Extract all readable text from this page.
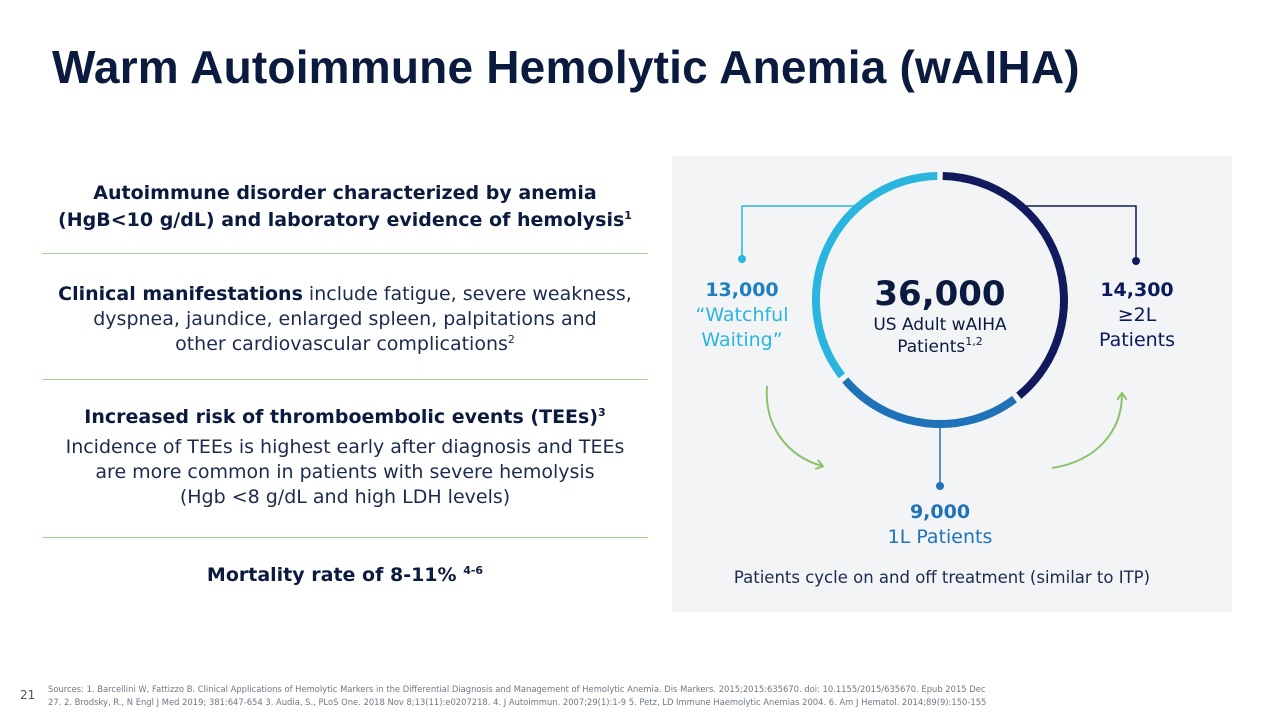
Warm Autoimmune Hemolytic Anemia (wAIHA)
Autoimmune disorder characterized by anemia
(HgB<10 g/dL) and laboratory evidence of hemolysis$^1$
Clinical manifestations include fatigue, severe weakness,
dyspnea, jaundice, enlarged spleen, palpitations and
other cardiovascular complications$^2$
Increased risk of thromboembolic events (TEEs)$^3$
Incidence of TEEs is highest early after diagnosis and TEEs
are more common in patients with severe hemolysis
(Hgb <8 g/dL and high LDH levels)
Mortality rate of 8-11% $^{4-6}$
36,000
US Adult wAIHA
Patients$^{1,2}$
13,000
“Watchful
Waiting”
14,300
≥2L
Patients
9,000
1L Patients
Patients cycle on and off treatment (similar to ITP)
21 Sources: 1. Barcellini W, Fattizzo B. Clinical Applications of Hemolytic Markers in the Differential Diagnosis and Management of Hemolytic Anemia. Dis Markers. 2015;2015:635670. doi: 10.1155/2015/635670. Epub 2015 Dec
27. 2. Brodsky, R., N Engl J Med 2019; 381:647-654 3. Audia, S., PLoS One. 2018 Nov 8;13(11):e0207218. 4. J Autoimmun. 2007;29(1):1-9 5. Petz, LD Immune Haemolytic Anemias 2004. 6. Am J Hematol. 2014;89(9):150-155
